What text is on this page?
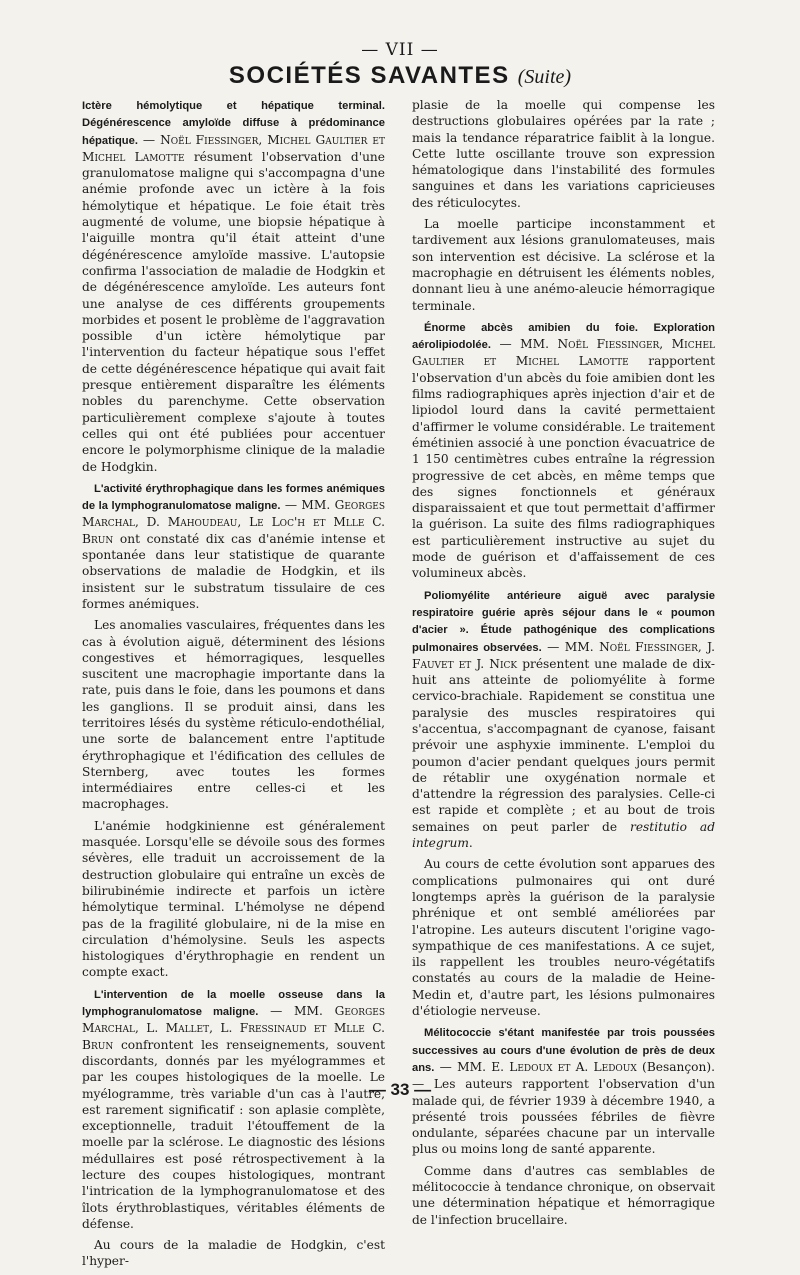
— VII —
SOCIÉTÉS SAVANTES (Suite)

Ictère hémolytique et hépatique terminal. Dégénérescence amyloïde diffuse à prédominance hépatique. — Noël Fiessinger, Michel Gaultier et Michel Lamotte résument l'observation d'une granulomatose maligne qui s'accompagna d'une anémie profonde avec un ictère à la fois hémolytique et hépatique. Le foie était très augmenté de volume, une biopsie hépatique à l'aiguille montra qu'il était atteint d'une dégénérescence amyloïde massive. L'autopsie confirma l'association de maladie de Hodgkin et de dégénérescence amyloïde. Les auteurs font une analyse de ces différents groupements morbides et posent le problème de l'aggravation possible d'un ictère hémolytique par l'intervention du facteur hépatique sous l'effet de cette dégénérescence hépatique qui avait fait presque entièrement disparaître les éléments nobles du parenchyme. Cette observation particulièrement complexe s'ajoute à toutes celles qui ont été publiées pour accentuer encore le polymorphisme clinique de la maladie de Hodgkin.

L'activité érythrophagique dans les formes anémiques de la lymphogranulomatose maligne. — MM. Georges Marchal, D. Mahoudeau, Le Loc'h et Mlle C. Brun ont constaté dix cas d'anémie intense et spontanée dans leur statistique de quarante observations de maladie de Hodgkin, et ils insistent sur le substratum tissulaire de ces formes anémiques.

Les anomalies vasculaires, fréquentes dans les cas à évolution aiguë, déterminent des lésions congestives et hémorragiques, lesquelles suscitent une macrophagie importante dans la rate, puis dans le foie, dans les poumons et dans les ganglions. Il se produit ainsi, dans les territoires lésés du système réticulo-endothélial, une sorte de balancement entre l'aptitude érythrophagique et l'édification des cellules de Sternberg, avec toutes les formes intermédiaires entre celles-ci et les macrophages.

L'anémie hodgkinienne est généralement masquée. Lorsqu'elle se dévoile sous des formes sévères, elle traduit un accroissement de la destruction globulaire qui entraîne un excès de bilirubinémie indirecte et parfois un ictère hémolytique terminal. L'hémolyse ne dépend pas de la fragilité globulaire, ni de la mise en circulation d'hémolysine. Seuls les aspects histologiques d'érythrophagie en rendent un compte exact.

L'intervention de la moelle osseuse dans la lymphogranulomatose maligne. — MM. Georges Marchal, L. Mallet, L. Fressinaud et Mlle C. Brun confrontent les renseignements, souvent discordants, donnés par les myélogrammes et par les coupes histologiques de la moelle. Le myélogramme, très variable d'un cas à l'autre, est rarement significatif : son aplasie complète, exceptionnelle, traduit l'étouffement de la moelle par la sclérose. Le diagnostic des lésions médullaires est posé rétrospectivement à la lecture des coupes histologiques, montrant l'intrication de la lymphogranulomatose et des îlots érythroblastiques, véritables éléments de défense.

Au cours de la maladie de Hodgkin, c'est l'hyper-

plasie de la moelle qui compense les destructions globulaires opérées par la rate ; mais la tendance réparatrice faiblit à la longue. Cette lutte oscillante trouve son expression hématologique dans l'instabilité des formules sanguines et dans les variations capricieuses des réticulocytes.

La moelle participe inconstamment et tardivement aux lésions granulomateuses, mais son intervention est décisive. La sclérose et la macrophagie en détruisent les éléments nobles, donnant lieu à une anémo-aleucie hémorragique terminale.

Énorme abcès amibien du foie. Exploration aérolipiodolée. — MM. Noël Fiessinger, Michel Gaultier et Michel Lamotte rapportent l'observation d'un abcès du foie amibien dont les films radiographiques après injection d'air et de lipiodol lourd dans la cavité permettaient d'affirmer le volume considérable. Le traitement émétinien associé à une ponction évacuatrice de 1 150 centimètres cubes entraîne la régression progressive de cet abcès, en même temps que des signes fonctionnels et généraux disparaissaient et que tout permettait d'affirmer la guérison. La suite des films radiographiques est particulièrement instructive au sujet du mode de guérison et d'affaissement de ces volumineux abcès.

Poliomyélite antérieure aiguë avec paralysie respiratoire guérie après séjour dans le « poumon d'acier ». Étude pathogénique des complications pulmonaires observées. — MM. Noël Fiessinger, J. Fauvet et J. Nick présentent une malade de dix-huit ans atteinte de poliomyélite à forme cervico-brachiale. Rapidement se constitua une paralysie des muscles respiratoires qui s'accentua, s'accompagnant de cyanose, faisant prévoir une asphyxie imminente. L'emploi du poumon d'acier pendant quelques jours permit de rétablir une oxygénation normale et d'attendre la régression des paralysies. Celle-ci est rapide et complète ; et au bout de trois semaines on peut parler de restitutio ad integrum.

Au cours de cette évolution sont apparues des complications pulmonaires qui ont duré longtemps après la guérison de la paralysie phrénique et ont semblé améliorées par l'atropine. Les auteurs discutent l'origine vago-sympathique de ces manifestations. A ce sujet, ils rappellent les troubles neuro-végétatifs constatés au cours de la maladie de Heine-Medin et, d'autre part, les lésions pulmonaires d'étiologie nerveuse.

Mélitococcie s'étant manifestée par trois poussées successives au cours d'une évolution de près de deux ans. — MM. E. Ledoux et A. Ledoux (Besançon). — Les auteurs rapportent l'observation d'un malade qui, de février 1939 à décembre 1940, a présenté trois poussées fébriles de fièvre ondulante, séparées chacune par un intervalle plus ou moins long de santé apparente.

Comme dans d'autres cas semblables de mélitococcie à tendance chronique, on observait une détermination hépatique et hémorragique de l'infection brucellaire.

— 33 —
